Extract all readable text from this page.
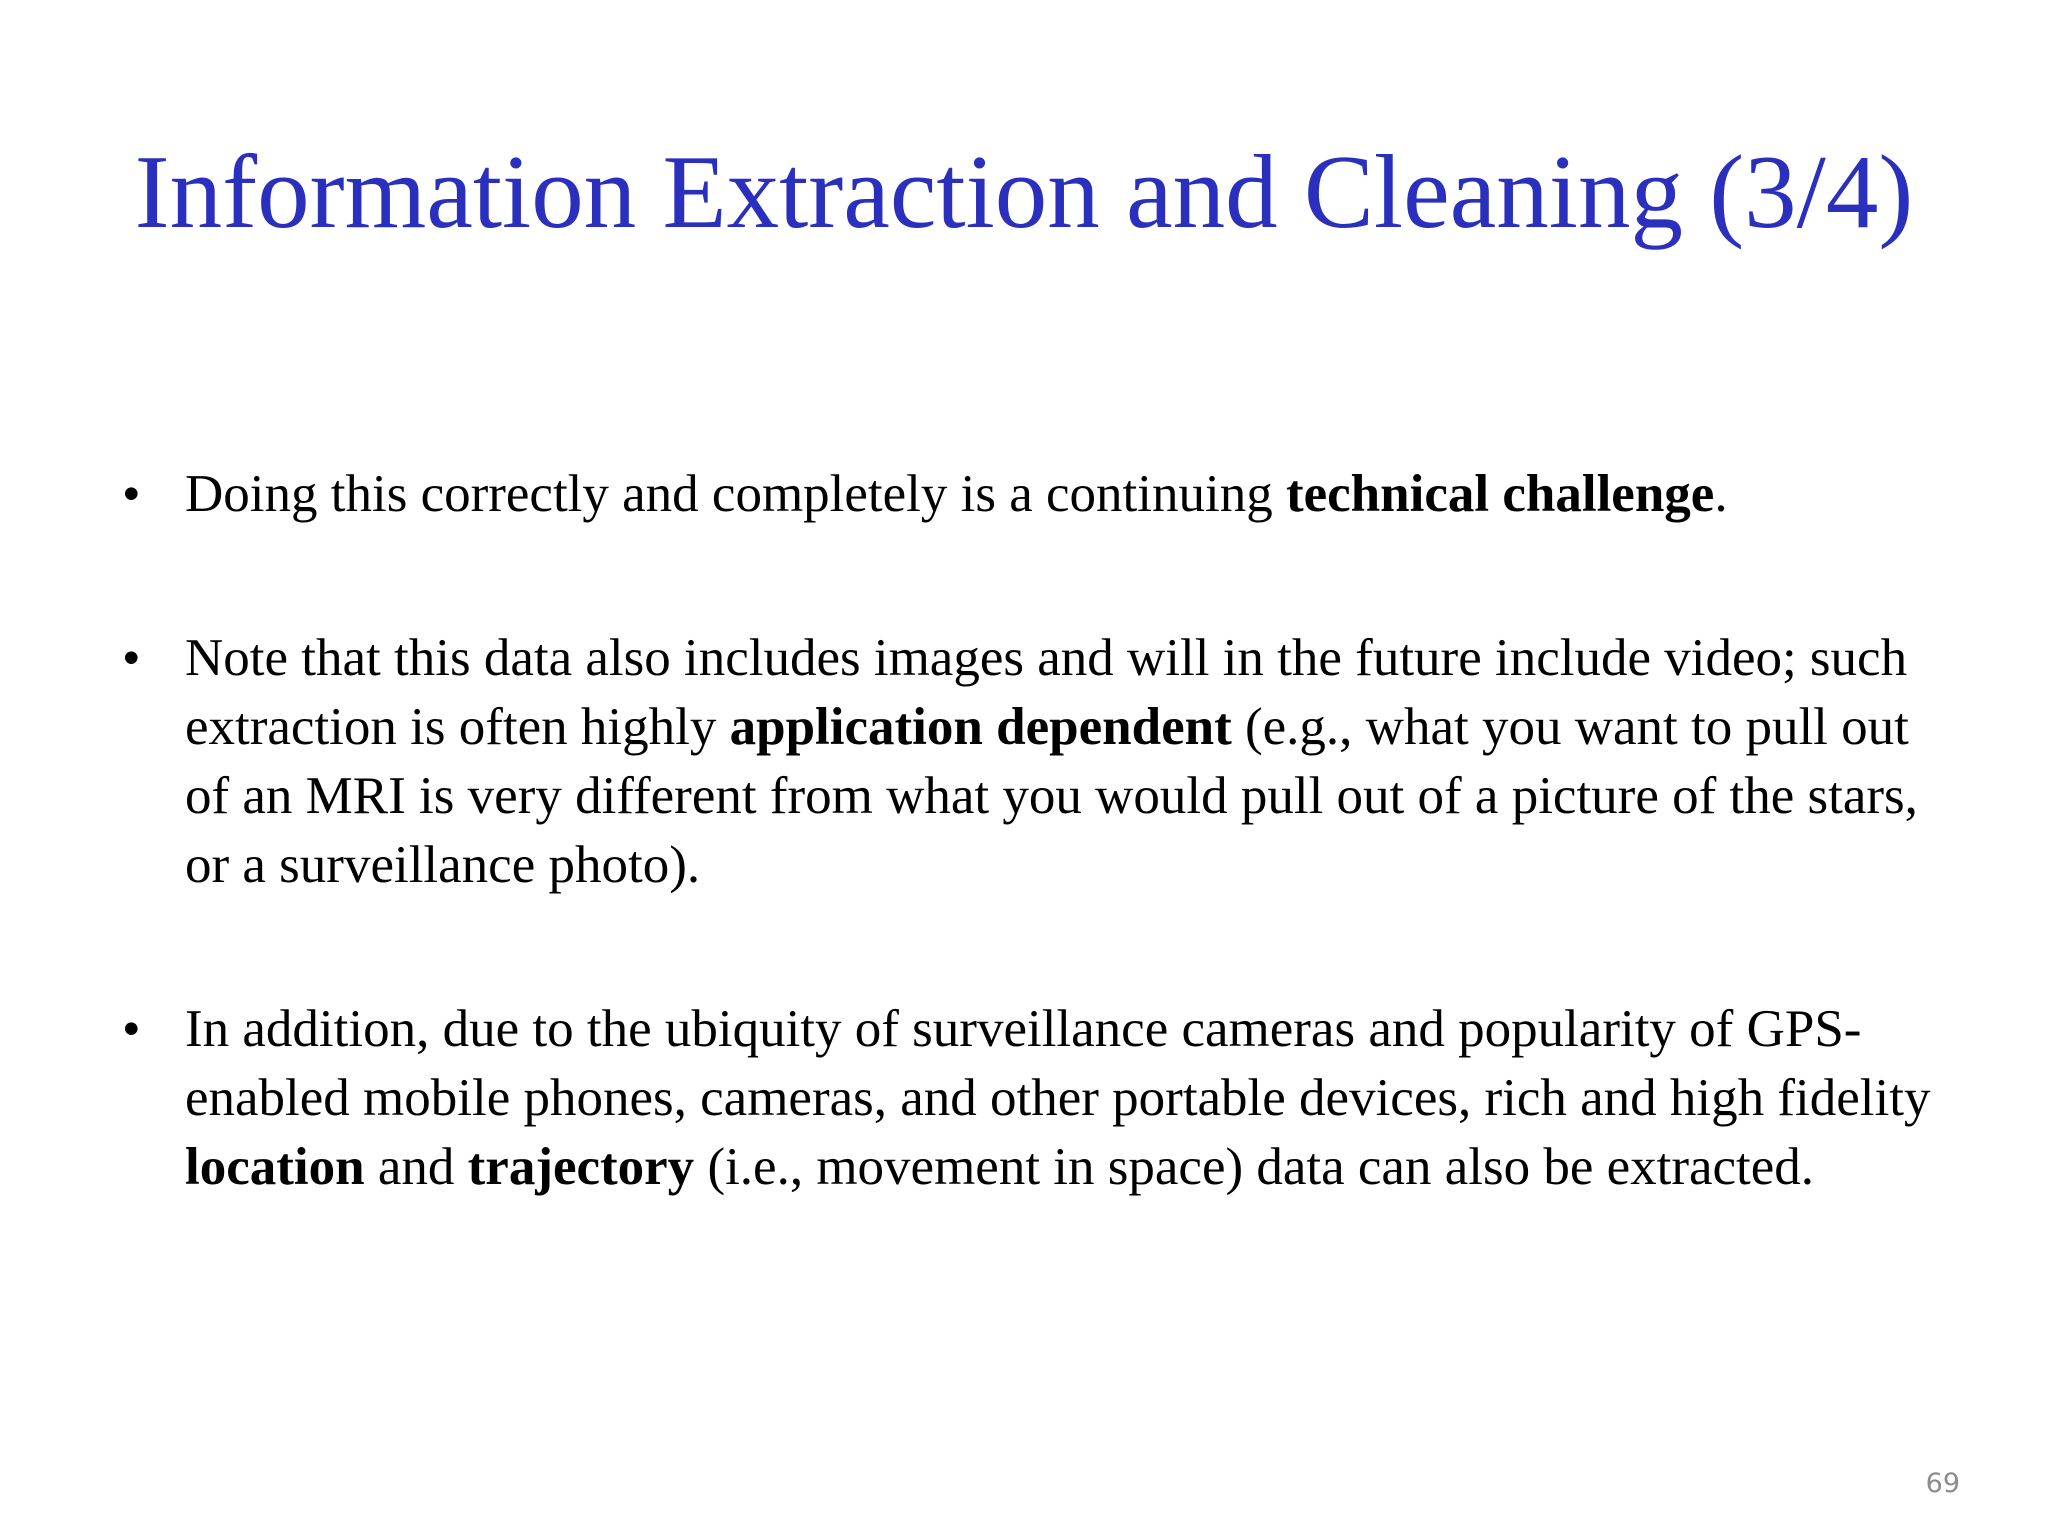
Information Extraction and Cleaning (3/4)
• Doing this correctly and completely is a continuing technical challenge.
• Note that this data also includes images and will in the future include video; such extraction is often highly application dependent (e.g., what you want to pull out of an MRI is very different from what you would pull out of a picture of the stars, or a surveillance photo).
• In addition, due to the ubiquity of surveillance cameras and popularity of GPS-enabled mobile phones, cameras, and other portable devices, rich and high fidelity location and trajectory (i.e., movement in space) data can also be extracted.
69
